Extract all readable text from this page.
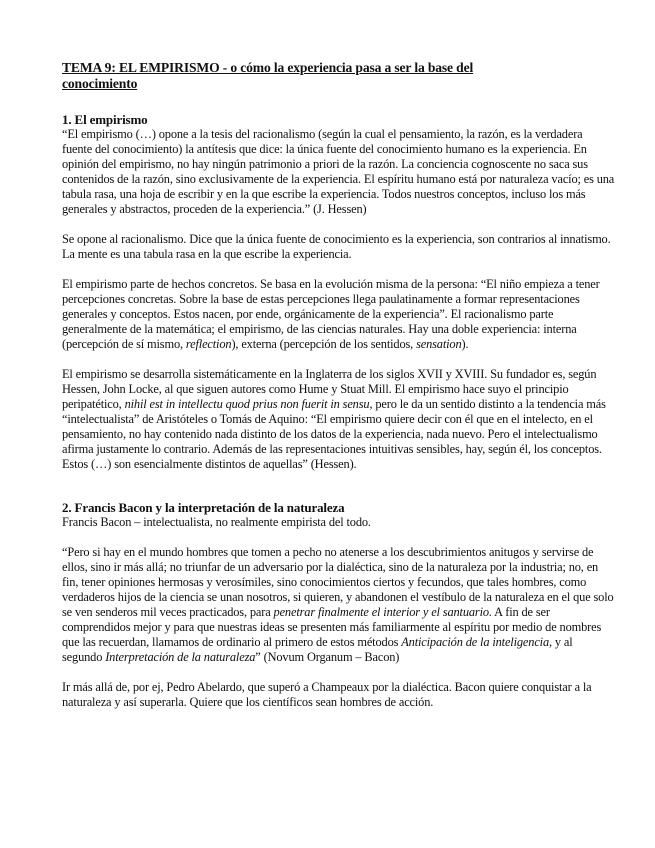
TEMA 9: EL EMPIRISMO - o cómo la experiencia pasa a ser la base del
conocimiento

1. El empirismo

“El empirismo (…) opone a la tesis del racionalismo (según la cual el pensamiento, la razón, es la verdadera fuente del conocimiento) la antítesis que dice: la única fuente del conocimiento humano es la experiencia. En opinión del empirismo, no hay ningún patrimonio a priori de la razón. La conciencia cognoscente no saca sus contenidos de la razón, sino exclusivamente de la experiencia. El espíritu humano está por naturaleza vacío; es una tabula rasa, una hoja de escribir y en la que escribe la experiencia. Todos nuestros conceptos, incluso los más generales y abstractos, proceden de la experiencia.” (J. Hessen)

Se opone al racionalismo. Dice que la única fuente de conocimiento es la experiencia, son contrarios al innatismo. La mente es una tabula rasa en la que escribe la experiencia.

El empirismo parte de hechos concretos. Se basa en la evolución misma de la persona: “El niño empieza a tener percepciones concretas. Sobre la base de estas percepciones llega paulatinamente a formar representaciones generales y conceptos. Estos nacen, por ende, orgánicamente de la experiencia”. El racionalismo parte generalmente de la matemática; el empirismo, de las ciencias naturales. Hay una doble experiencia: interna (percepción de sí mismo, reflection), externa (percepción de los sentidos, sensation).

El empirismo se desarrolla sistemáticamente en la Inglaterra de los siglos XVII y XVIII. Su fundador es, según Hessen, John Locke, al que siguen autores como Hume y Stuat Mill. El empirismo hace suyo el principio peripatético, nihil est in intellectu quod prius non fuerit in sensu, pero le da un sentido distinto a la tendencia más “intelectualista” de Aristóteles o Tomás de Aquino: “El empirismo quiere decir con él que en el intelecto, en el pensamiento, no hay contenido nada distinto de los datos de la experiencia, nada nuevo. Pero el intelectualismo afirma justamente lo contrario. Además de las representaciones intuitivas sensibles, hay, según él, los conceptos. Estos (…) son esencialmente distintos de aquellas” (Hessen).

2. Francis Bacon y la interpretación de la naturaleza

Francis Bacon – intelectualista, no realmente empirista del todo.

“Pero si hay en el mundo hombres que tomen a pecho no atenerse a los descubrimientos anitugos y servirse de ellos, sino ir más allá; no triunfar de un adversario por la dialéctica, sino de la naturaleza por la industria; no, en fin, tener opiniones hermosas y verosímiles, sino conocimientos ciertos y fecundos, que tales hombres, como verdaderos hijos de la ciencia se unan nosotros, si quieren, y abandonen el vestíbulo de la naturaleza en el que solo se ven senderos mil veces practicados, para penetrar finalmente el interior y el santuario. A fin de ser comprendidos mejor y para que nuestras ideas se presenten más familiarmente al espíritu por medio de nombres que las recuerdan, llamamos de ordinario al primero de estos métodos Anticipación de la inteligencia, y al segundo Interpretación de la naturaleza” (Novum Organum – Bacon)

Ir más allá de, por ej, Pedro Abelardo, que superó a Champeaux por la dialéctica. Bacon quiere conquistar a la naturaleza y así superarla. Quiere que los científicos sean hombres de acción.
